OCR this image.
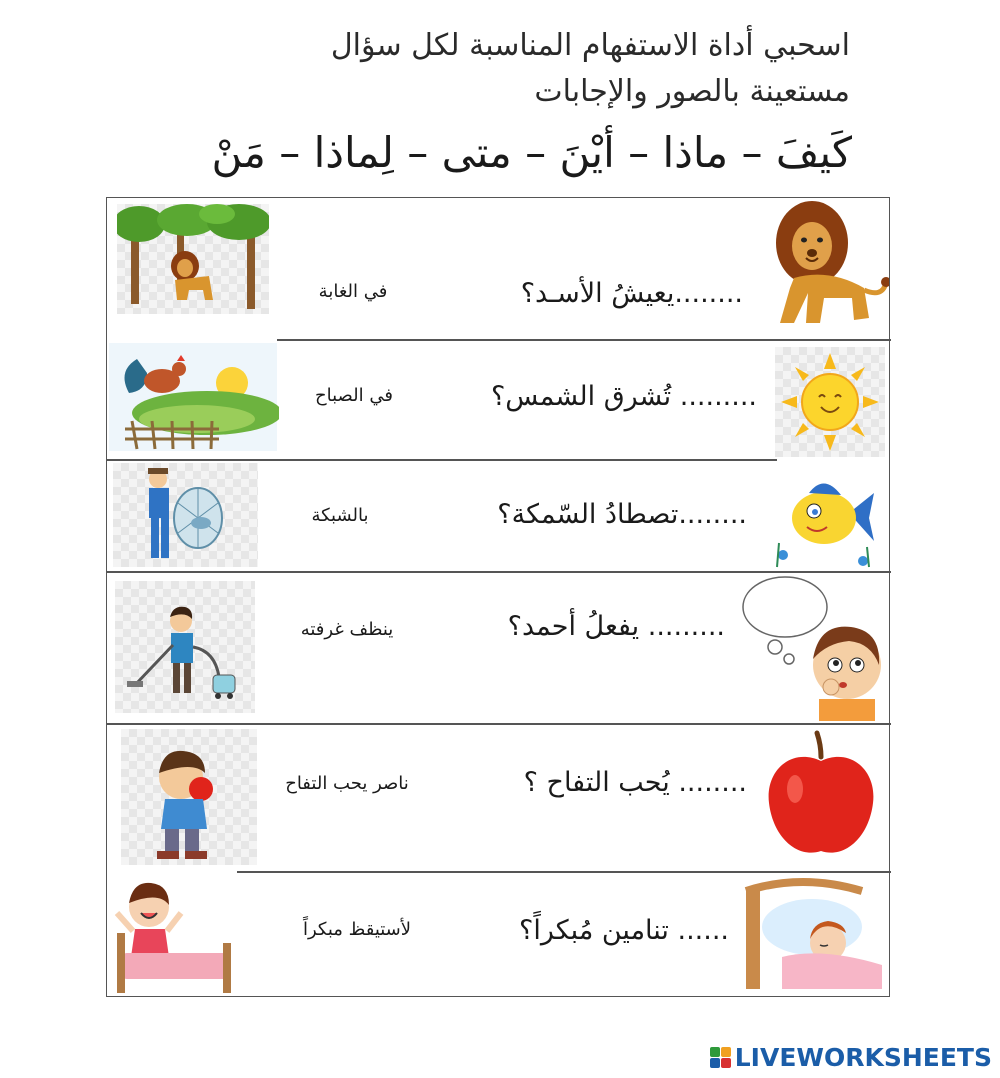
اسحبي أداة الاستفهام المناسبة لكل سؤال
مستعينة بالصور والإجابات
كَيفَ – ماذا – أيْنَ – متى – لِماذا – مَنْ
........يعيشُ الأسـد؟
في الغابة
......... تُشرق الشمس؟
في الصباح
........تصطادُ السّمكة؟
بالشبكة
......... يفعلُ أحمد؟
ينظف غرفته
........ يُحب التفاح ؟
ناصر يحب التفاح
...... تنامين مُبكراً؟
لأستيقظ مبكراً
LIVEWORKSHEETS
